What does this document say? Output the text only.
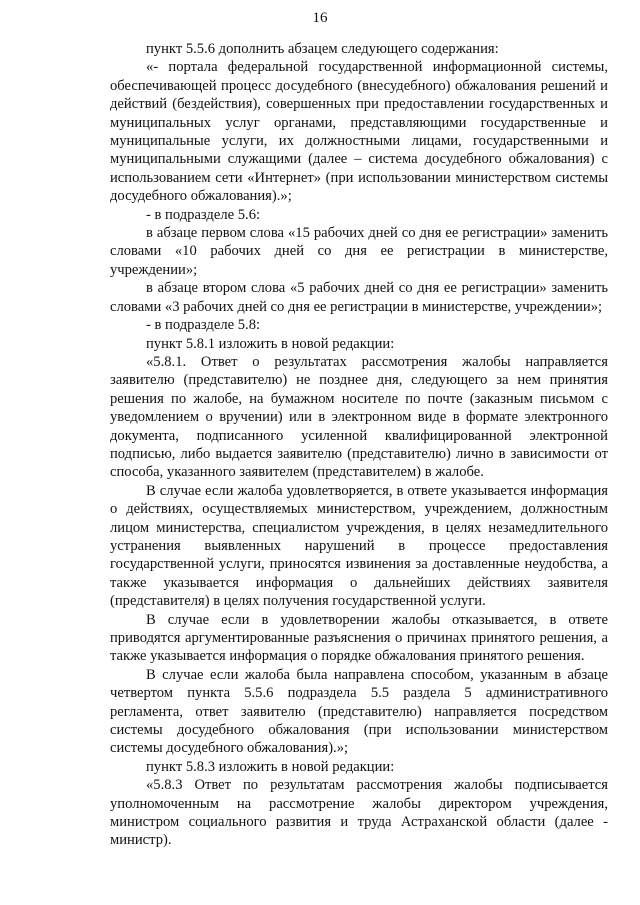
16

пункт 5.5.6 дополнить абзацем следующего содержания:

«- портала федеральной государственной информационной системы, обеспечивающей процесс досудебного (внесудебного) обжалования решений и действий (бездействия), совершенных при предоставлении государственных и муниципальных услуг органами, представляющими государственные и муниципальные услуги, их должностными лицами, государственными и муниципальными служащими (далее – система досудебного обжалования) с использованием сети «Интернет» (при использовании министерством системы досудебного обжалования).»;

- в подразделе 5.6:

в абзаце первом слова «15 рабочих дней со дня ее регистрации» заменить словами «10 рабочих дней со дня ее регистрации в министерстве, учреждении»;

в абзаце втором слова «5 рабочих дней со дня ее регистрации» заменить словами «3 рабочих дней со дня ее регистрации в министерстве, учреждении»;

- в подразделе 5.8:

пункт 5.8.1 изложить в новой редакции:

«5.8.1. Ответ о результатах рассмотрения жалобы направляется заявителю (представителю) не позднее дня, следующего за нем принятия решения по жалобе, на бумажном носителе по почте (заказным письмом с уведомлением о вручении) или в электронном виде в формате электронного документа, подписанного усиленной квалифицированной электронной подписью, либо выдается заявителю (представителю) лично в зависимости от способа, указанного заявителем (представителем) в жалобе.

В случае если жалоба удовлетворяется, в ответе указывается информация о действиях, осуществляемых министерством, учреждением, должностным лицом министерства, специалистом учреждения, в целях незамедлительного устранения выявленных нарушений в процессе предоставления государственной услуги, приносятся извинения за доставленные неудобства, а также указывается информация о дальнейших действиях заявителя (представителя) в целях получения государственной услуги.

В случае если в удовлетворении жалобы отказывается, в ответе приводятся аргументированные разъяснения о причинах принятого решения, а также указывается информация о порядке обжалования принятого решения.

В случае если жалоба была направлена способом, указанным в абзаце четвертом пункта 5.5.6 подраздела 5.5 раздела 5 административного регламента, ответ заявителю (представителю) направляется посредством системы досудебного обжалования (при использовании министерством системы досудебного обжалования).»;

пункт 5.8.3 изложить в новой редакции:

«5.8.3 Ответ по результатам рассмотрения жалобы подписывается уполномоченным на рассмотрение жалобы директором учреждения, министром социального развития и труда Астраханской области (далее - министр).
